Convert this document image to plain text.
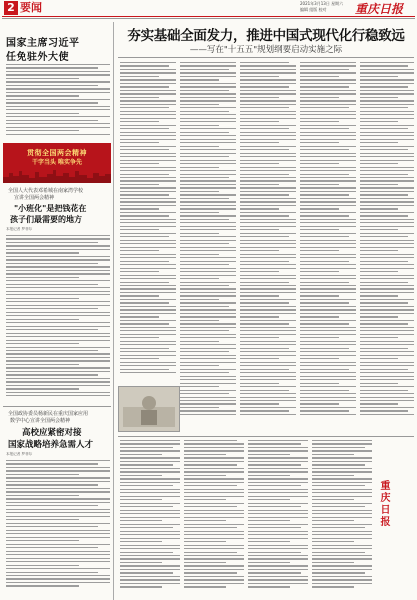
2 要闻	2021年3月13日 星期六
编辑 组版 校对 重庆日报
国家主席习近平
任免驻外大使
贯彻全国两会精神
干字当头 唯实争先
全国人大代表邓希城在南家湾学校
宣讲全国两会精神
"小班化"是把钱花在
孩子们最需要的地方
本报记者 罗菲尔
全国政协委员杨新民在重庆国家应用
数学中心宣讲全国两会精神
高校应紧密对接
国家战略培养急需人才
本报记者 罗菲尔
夯实基础全面发力，推进中国式现代化行稳致远
——写在"十五五"规划纲要启动实施之际
重庆日报
